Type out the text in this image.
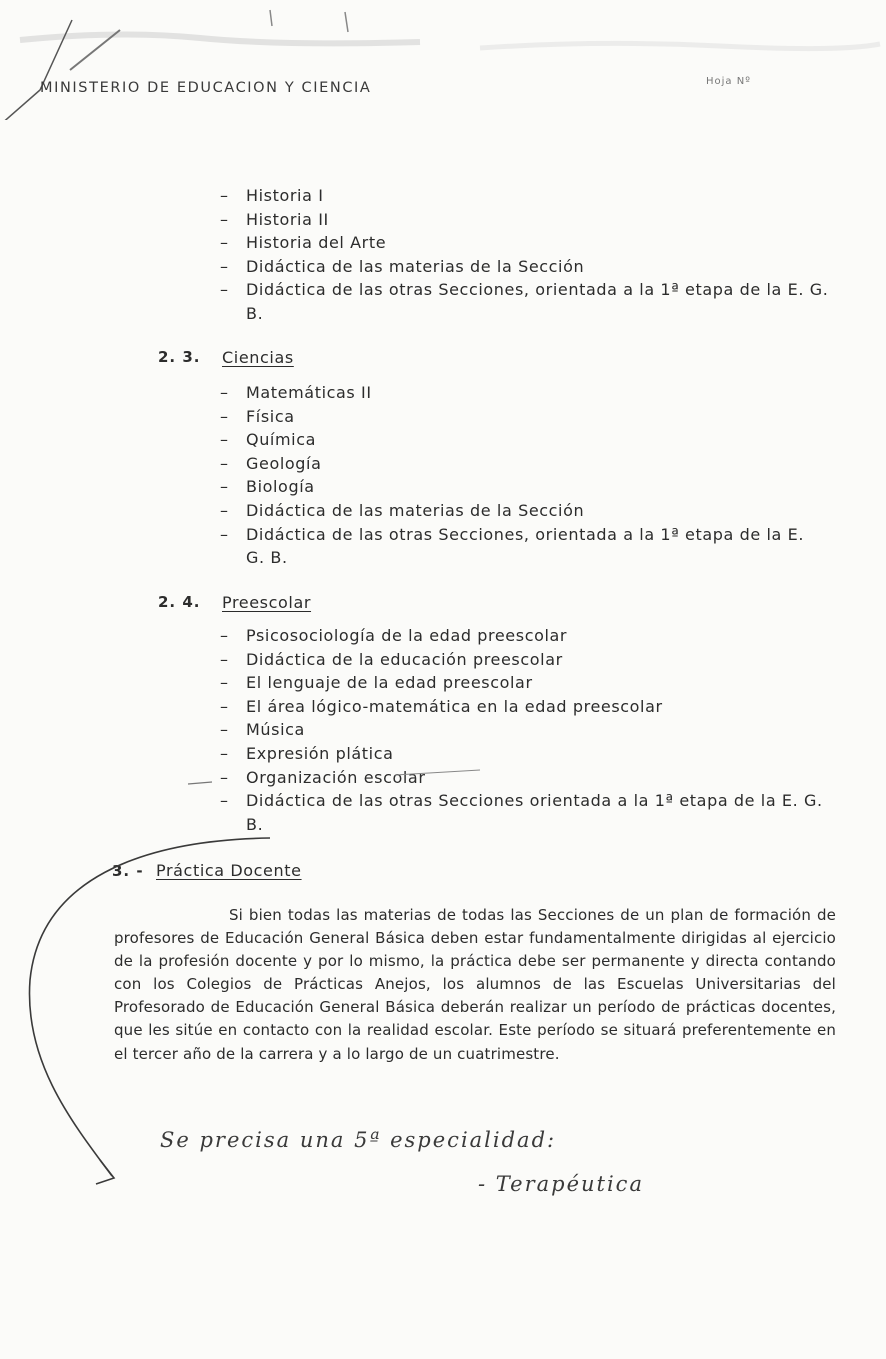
MINISTERIO DE EDUCACION Y CIENCIA	Hoja Nº
– Historia I
– Historia II
– Historia del Arte
– Didáctica de las materias de la Sección
– Didáctica de las otras Secciones, orientada a la 1ª etapa de la E. G. B.
2. 3. Ciencias
– Matemáticas II
– Física
– Química
– Geología
– Biología
– Didáctica de las materias de la Sección
– Didáctica de las otras Secciones, orientada a la 1ª etapa de la E. G. B.
2. 4. Preescolar
– Psicosociología de la edad preescolar
– Didáctica de la educación preescolar
– El lenguaje de la edad preescolar
– El área lógico-matemática en la edad preescolar
– Música
– Expresión plática
– Organización escolar
– Didáctica de las otras Secciones orientada a la 1ª etapa de la E. G. B.
3. - Práctica Docente
Si bien todas las materias de todas las Secciones de un plan de formación de profesores de Educación General Básica deben estar fundamentalmente dirigidas al ejercicio de la profesión docente y por lo mismo, la práctica debe ser permanente y directa contando con los Colegios de Prácticas Anejos, los alumnos de las Escuelas Universitarias del Profesorado de Educación General Básica deberán realizar un período de prácticas docentes, que les sitúe en contacto con la realidad escolar. Este período se situará preferentemente en el tercer año de la carrera y a lo largo de un cuatrimestre.
Se precisa una 5ª especialidad:
- Terapéutica
